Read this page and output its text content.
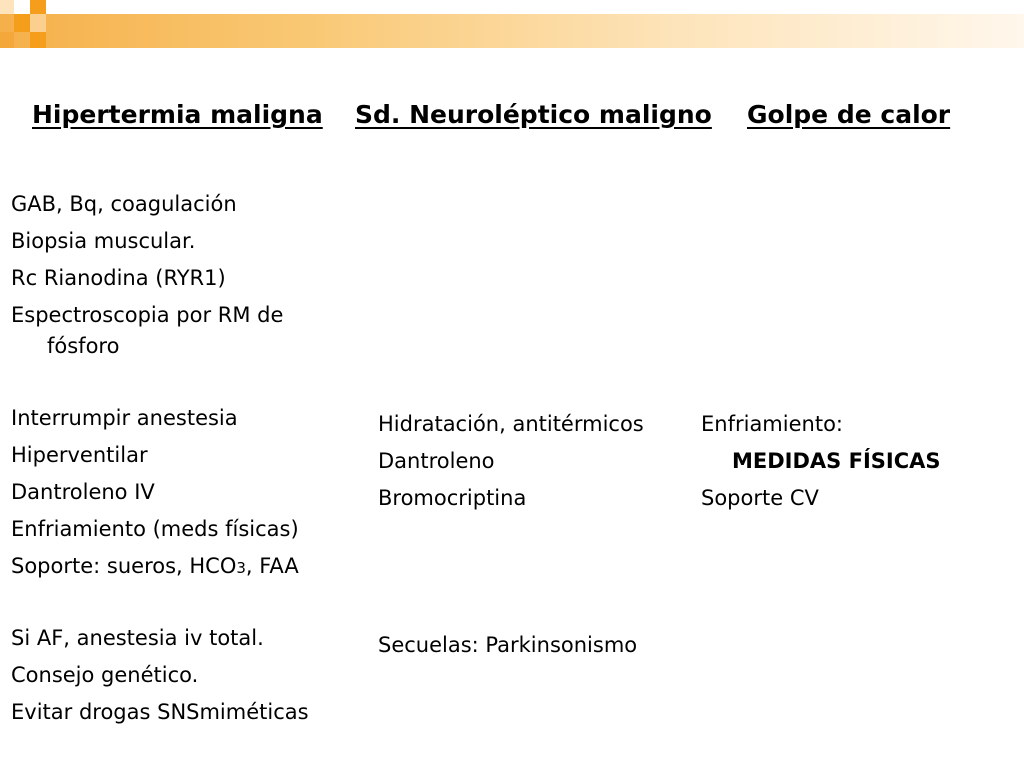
Hipertermia maligna Sd. Neuroléptico maligno Golpe de calor
GAB, Bq, coagulación
Biopsia muscular.
Rc Rianodina (RYR1)
Espectroscopia por RM de
fósforo
Interrumpir anestesia
Hiperventilar
Dantroleno IV
Enfriamiento (meds físicas)
Soporte: sueros, HCO3, FAA
Si AF, anestesia iv total.
Consejo genético.
Evitar drogas SNSmiméticas
Hidratación, antitérmicos
Dantroleno
Bromocriptina
Secuelas: Parkinsonismo
Enfriamiento:
MEDIDAS FÍSICAS
Soporte CV
